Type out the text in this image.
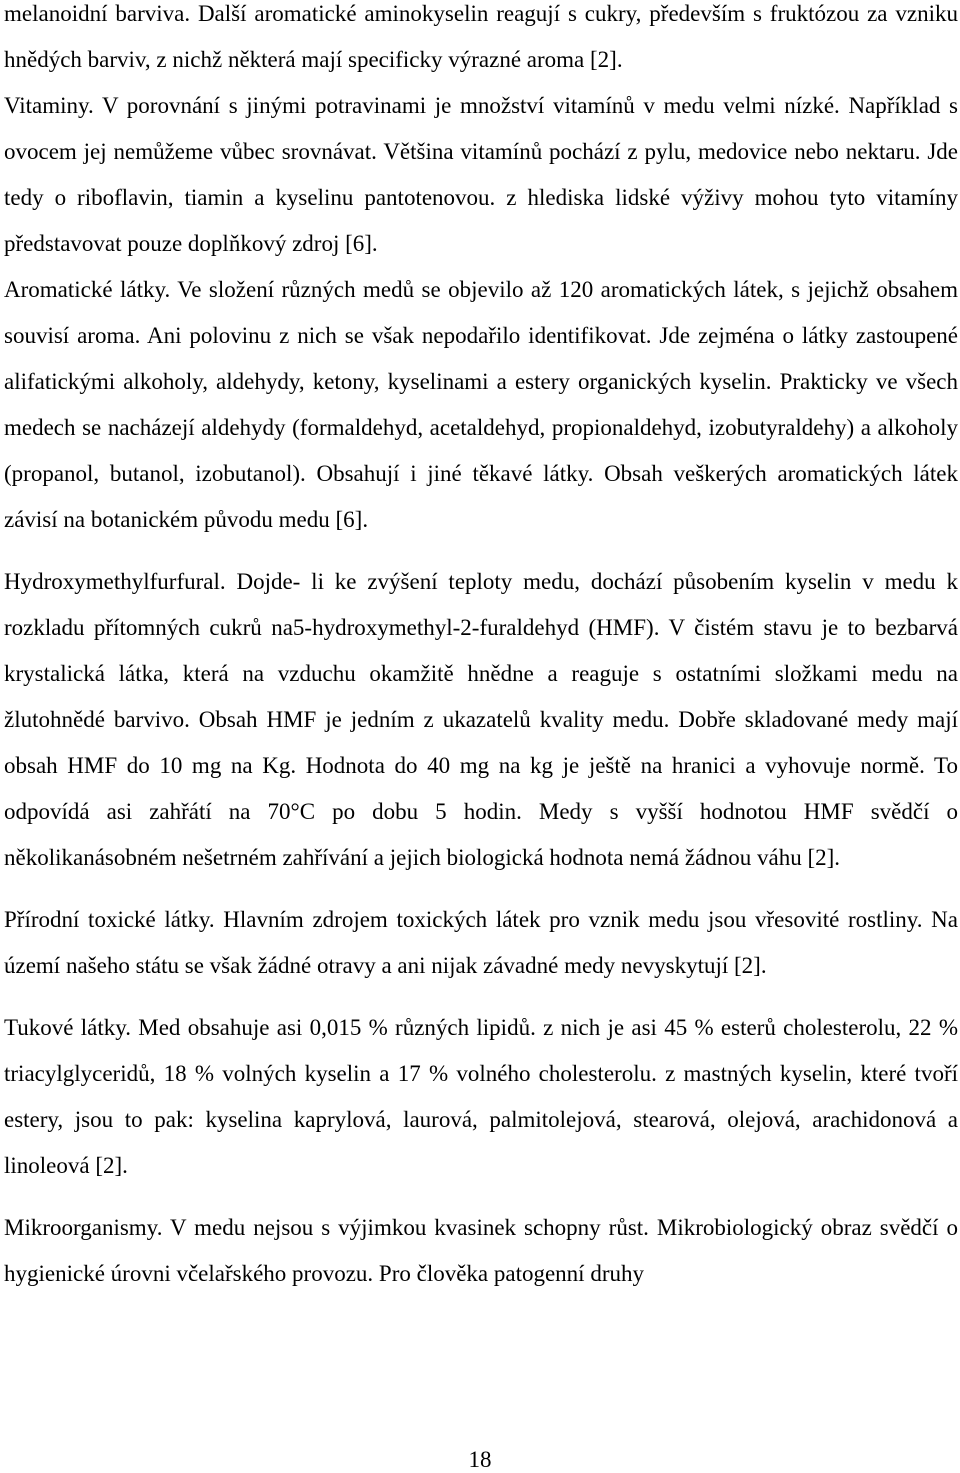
melanoidní barviva. Další aromatické aminokyselin reagují s cukry, především s fruktózou za vzniku hnědých barviv, z nichž některá mají specificky výrazné aroma [2].

Vitaminy. V porovnání s jinými potravinami je množství vitamínů v medu velmi nízké. Například s ovocem jej nemůžeme vůbec srovnávat. Většina vitamínů pochází z pylu, medovice nebo nektaru. Jde tedy o riboflavin, tiamin a kyselinu pantotenovou. z hlediska lidské výživy mohou tyto vitamíny představovat pouze doplňkový zdroj [6].

Aromatické látky. Ve složení různých medů se objevilo až 120 aromatických látek, s jejichž obsahem souvisí aroma. Ani polovinu z nich se však nepodařilo identifikovat. Jde zejména o látky zastoupené alifatickými alkoholy, aldehydy, ketony, kyselinami a estery organických kyselin. Prakticky ve všech medech se nacházejí aldehydy (formaldehyd, acetaldehyd, propionaldehyd, izobutyraldehy) a alkoholy (propanol, butanol, izobutanol). Obsahují i jiné těkavé látky. Obsah veškerých aromatických látek závisí na botanickém původu medu [6].

Hydroxymethylfurfural. Dojde- li ke zvýšení teploty medu, dochází působením kyselin v medu k rozkladu přítomných cukrů na5-hydroxymethyl-2-furaldehyd (HMF). V čistém stavu je to bezbarvá krystalická látka, která na vzduchu okamžitě hnědne a reaguje s ostatními složkami medu na žlutohnědé barvivo. Obsah HMF je jedním z ukazatelů kvality medu. Dobře skladované medy mají obsah HMF do 10 mg na Kg. Hodnota do 40 mg na kg je ještě na hranici a vyhovuje normě. To odpovídá asi zahřátí na 70°C po dobu 5 hodin. Medy s vyšší hodnotou HMF svědčí o několikanásobném nešetrném zahřívání a jejich biologická hodnota nemá žádnou váhu [2].

Přírodní toxické látky. Hlavním zdrojem toxických látek pro vznik medu jsou vřesovité rostliny. Na území našeho státu se však žádné otravy a ani nijak závadné medy nevyskytují [2].

Tukové látky. Med obsahuje asi 0,015 % různých lipidů. z nich je asi 45 % esterů cholesterolu, 22 % triacylglyceridů, 18 % volných kyselin a 17 % volného cholesterolu. z mastných kyselin, které tvoří estery, jsou to pak: kyselina kaprylová, laurová, palmitolejová, stearová, olejová, arachidonová a linoleová [2].

Mikroorganismy. V medu nejsou s výjimkou kvasinek schopny růst. Mikrobiologický obraz svědčí o hygienické úrovni včelařského provozu. Pro člověka patogenní druhy

18
